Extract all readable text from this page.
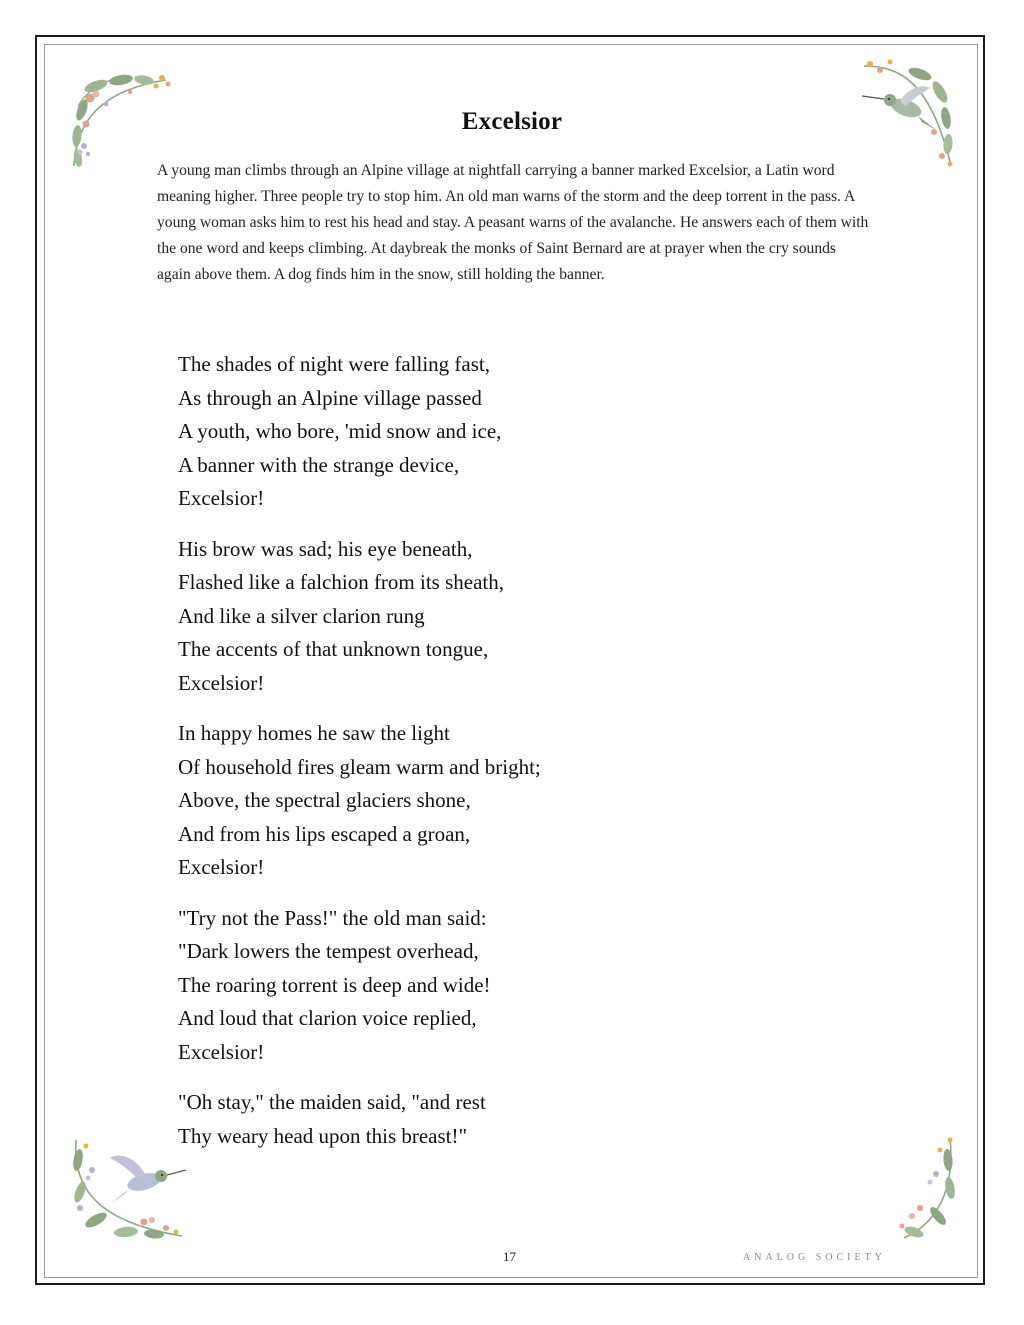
Excelsior

A young man climbs through an Alpine village at nightfall carrying a banner marked Excelsior, a Latin word meaning higher. Three people try to stop him. An old man warns of the storm and the deep torrent in the pass. A young woman asks him to rest his head and stay. A peasant warns of the avalanche. He answers each of them with the one word and keeps climbing. At daybreak the monks of Saint Bernard are at prayer when the cry sounds again above them. A dog finds him in the snow, still holding the banner.

The shades of night were falling fast,
As through an Alpine village passed
A youth, who bore, 'mid snow and ice,
A banner with the strange device,
Excelsior!
His brow was sad; his eye beneath,
Flashed like a falchion from its sheath,
And like a silver clarion rung
The accents of that unknown tongue,
Excelsior!
In happy homes he saw the light
Of household fires gleam warm and bright;
Above, the spectral glaciers shone,
And from his lips escaped a groan,
Excelsior!
"Try not the Pass!" the old man said:
"Dark lowers the tempest overhead,
The roaring torrent is deep and wide!
And loud that clarion voice replied,
Excelsior!
"Oh stay," the maiden said, "and rest
Thy weary head upon this breast!"
17	ANALOG SOCIETY
